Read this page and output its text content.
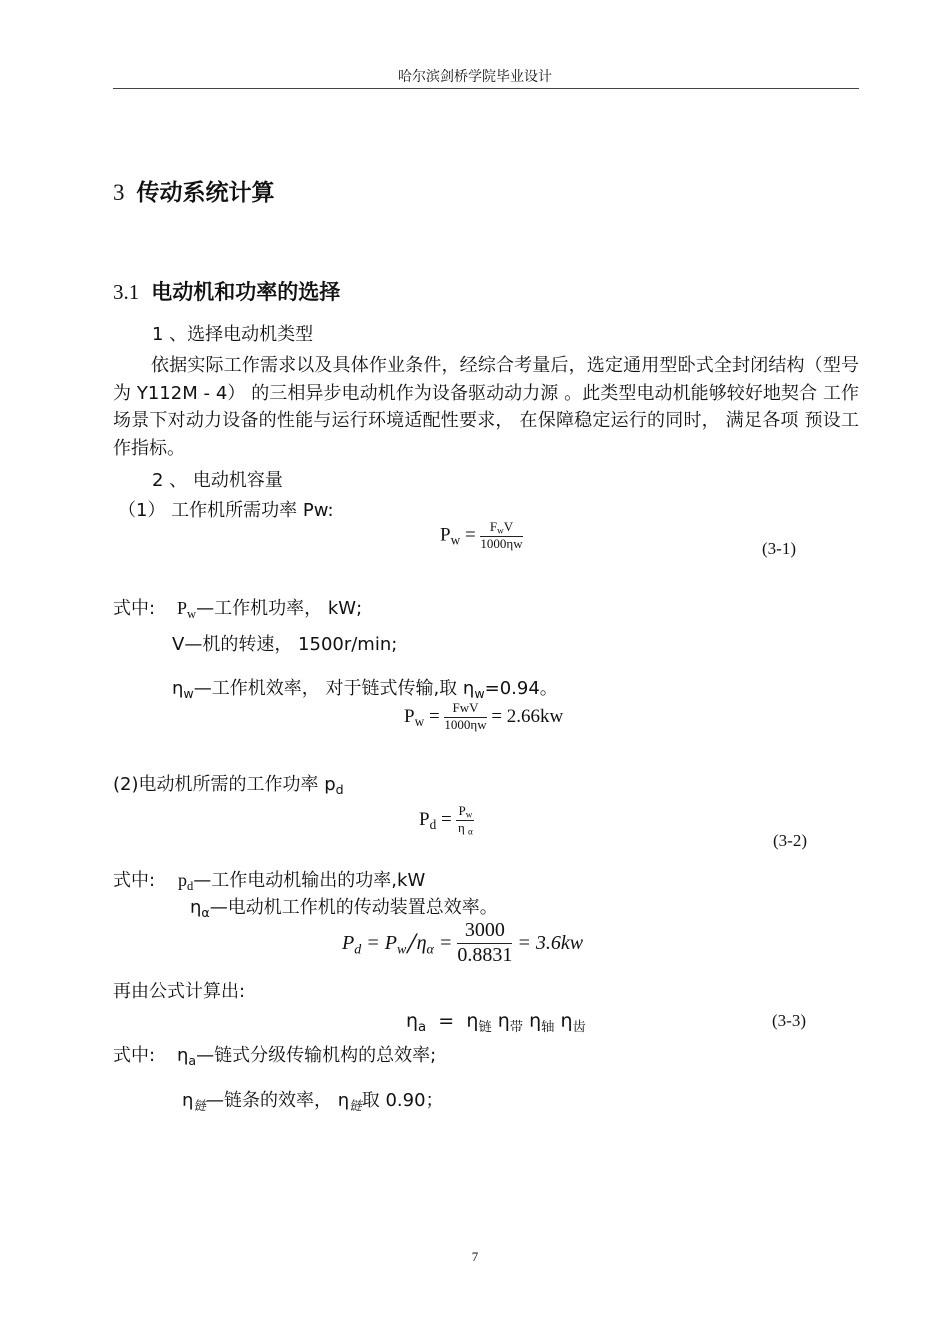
哈尔滨剑桥学院毕业设计
3 传动系统计算
3.1 电动机和功率的选择
1 、选择电动机类型
依据实际工作需求以及具体作业条件，经综合考量后，选定通用型卧式全封闭结构（型号为 Y112M - 4） 的三相异步电动机作为设备驱动动力源 。此类型电动机能够较好地契合 工作场景下对动力设备的性能与运行环境适配性要求， 在保障稳定运行的同时， 满足各项 预设工作指标。
2 、 电动机容量
（1） 工作机所需功率 Pw:
$P_w = \frac{F_wV}{1000\eta w}$	(3-1)
式中: $P_w—$工作机功率， kW;
V—机的转速， 1500r/min;
$\eta_w—$工作机效率， 对于链式传输,取 $\eta_w=0.94$。
$P_w = \frac{\text{FwV}}{1000\eta w} = 2.66kw$
(2)电动机所需的工作功率 $p_d$
$P_d = \frac{P_w}{\eta _\alpha}$
(3-2)
式中: $p_d—$工作电动机输出的功率,kW
$\eta_\alpha—$电动机工作机的传动装置总效率。
$P_d = P_w/\eta_\alpha = \frac{3000}{0.8831} = 3.6kw$
再由公式计算出:
$\eta_a = \eta_链$ $\eta_带$ $\eta_轴$ $\eta_齿$	(3-3)
式中: $\eta_a—$链式分级传输机构的总效率;
$\eta_链—$链条的效率， $\eta_链$取 0.90；
7
